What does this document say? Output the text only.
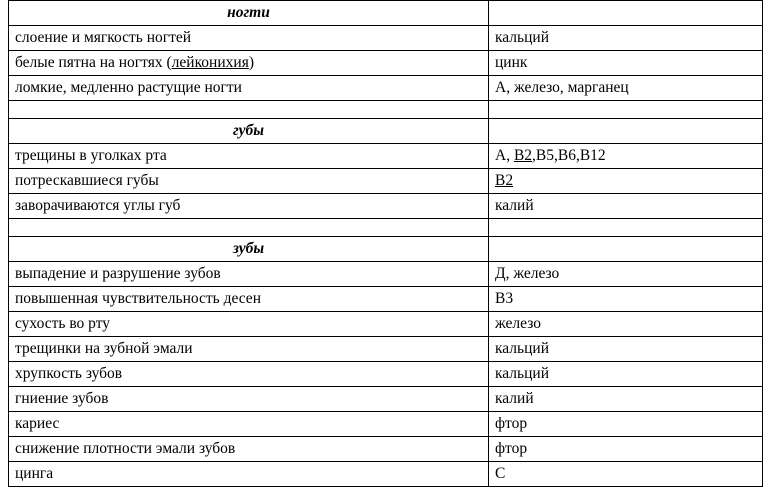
ногти	
слоение и мягкость ногтей	кальций
белые пятна на ногтях (лейконихия)	цинк
ломкие, медленно растущие ногти	А, железо, марганец

губы	
трещины в уголках рта	А, В2,В5,В6,В12
потрескавшиеся губы	В2
заворачиваются углы губ	калий

зубы	
выпадение и разрушение зубов	Д, железо
повышенная чувствительность десен	В3
сухость во рту	железо
трещинки на зубной эмали	кальций
хрупкость зубов	кальций
гниение зубов	калий
кариес	фтор
снижение плотности эмали зубов	фтор
цинга	С
